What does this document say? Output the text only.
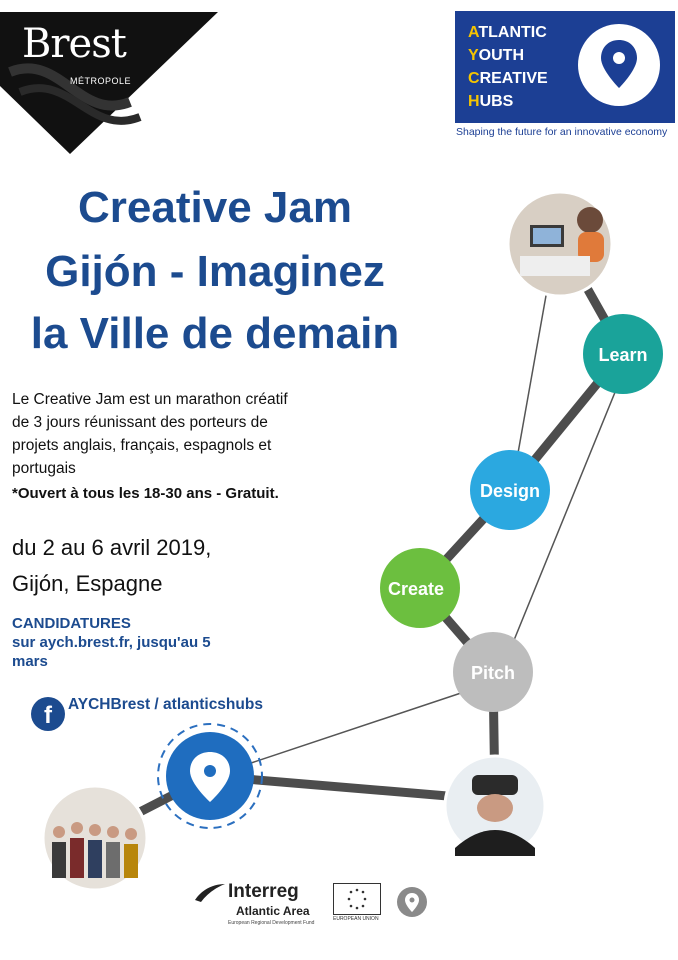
Brest
MÉTROPOLE
ATLANTIC
YOUTH
CREATIVE
HUBS
Shaping the future for an innovative economy
Creative Jam
Gijón - Imaginez
la Ville de demain
Le Creative Jam est un marathon créatif
de 3 jours réunissant des porteurs de
projets anglais, français, espagnols et
portugais
*Ouvert à tous les 18-30 ans - Gratuit.
du 2 au 6 avril 2019,
Gijón, Espagne
CANDIDATURES
sur aych.brest.fr, jusqu'au 5
mars
f	AYCHBrest / atlanticshubs
Learn
Design
Create
Pitch
Interreg
Atlantic Area
European Regional Development Fund
EUROPEAN UNION
